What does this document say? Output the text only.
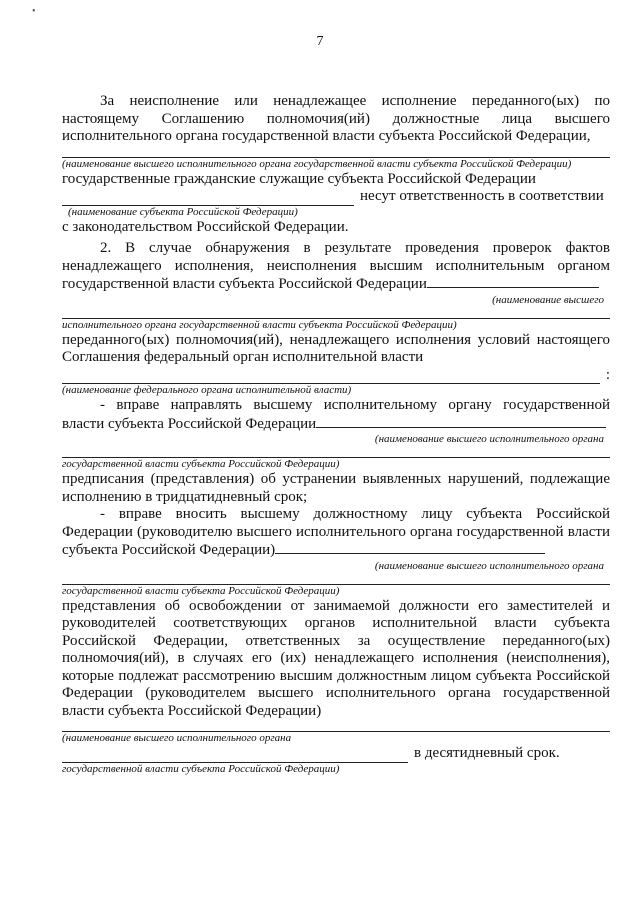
•
7

За неисполнение или ненадлежащее исполнение переданного(ых) по настоящему Соглашению полномочия(ий) должностные лица высшего исполнительного органа государственной власти субъекта Российской Федерации,

(наименование высшего исполнительного органа государственной власти субъекта Российской Федерации)

государственные гражданские служащие субъекта Российской Федерации

несут ответственность в соответствии

(наименование субъекта Российской Федерации)

с законодательством Российской Федерации.

2. В случае обнаружения в результате проведения проверок фактов ненадлежащего исполнения, неисполнения высшим исполнительным органом государственной власти субъекта Российской Федерации

(наименование высшего

исполнительного органа государственной власти субъекта Российской Федерации)

переданного(ых) полномочия(ий), ненадлежащего исполнения условий настоящего Соглашения федеральный орган исполнительной власти

:

(наименование федерального органа исполнительной власти)

- вправе направлять высшему исполнительному органу государственной власти субъекта Российской Федерации

(наименование высшего исполнительного органа

государственной власти субъекта Российской Федерации)

предписания (представления) об устранении выявленных нарушений, подлежащие исполнению в тридцатидневный срок;

- вправе вносить высшему должностному лицу субъекта Российской Федерации (руководителю высшего исполнительного органа государственной власти субъекта Российской Федерации)

(наименование высшего исполнительного органа

государственной власти субъекта Российской Федерации)

представления об освобождении от занимаемой должности его заместителей и руководителей соответствующих органов исполнительной власти субъекта Российской Федерации, ответственных за осуществление переданного(ых) полномочия(ий), в случаях его (их) ненадлежащего исполнения (неисполнения), которые подлежат рассмотрению высшим должностным лицом субъекта Российской Федерации (руководителем высшего исполнительного органа государственной власти субъекта Российской Федерации)

(наименование высшего исполнительного органа

в десятидневный срок.

государственной власти субъекта Российской Федерации)
